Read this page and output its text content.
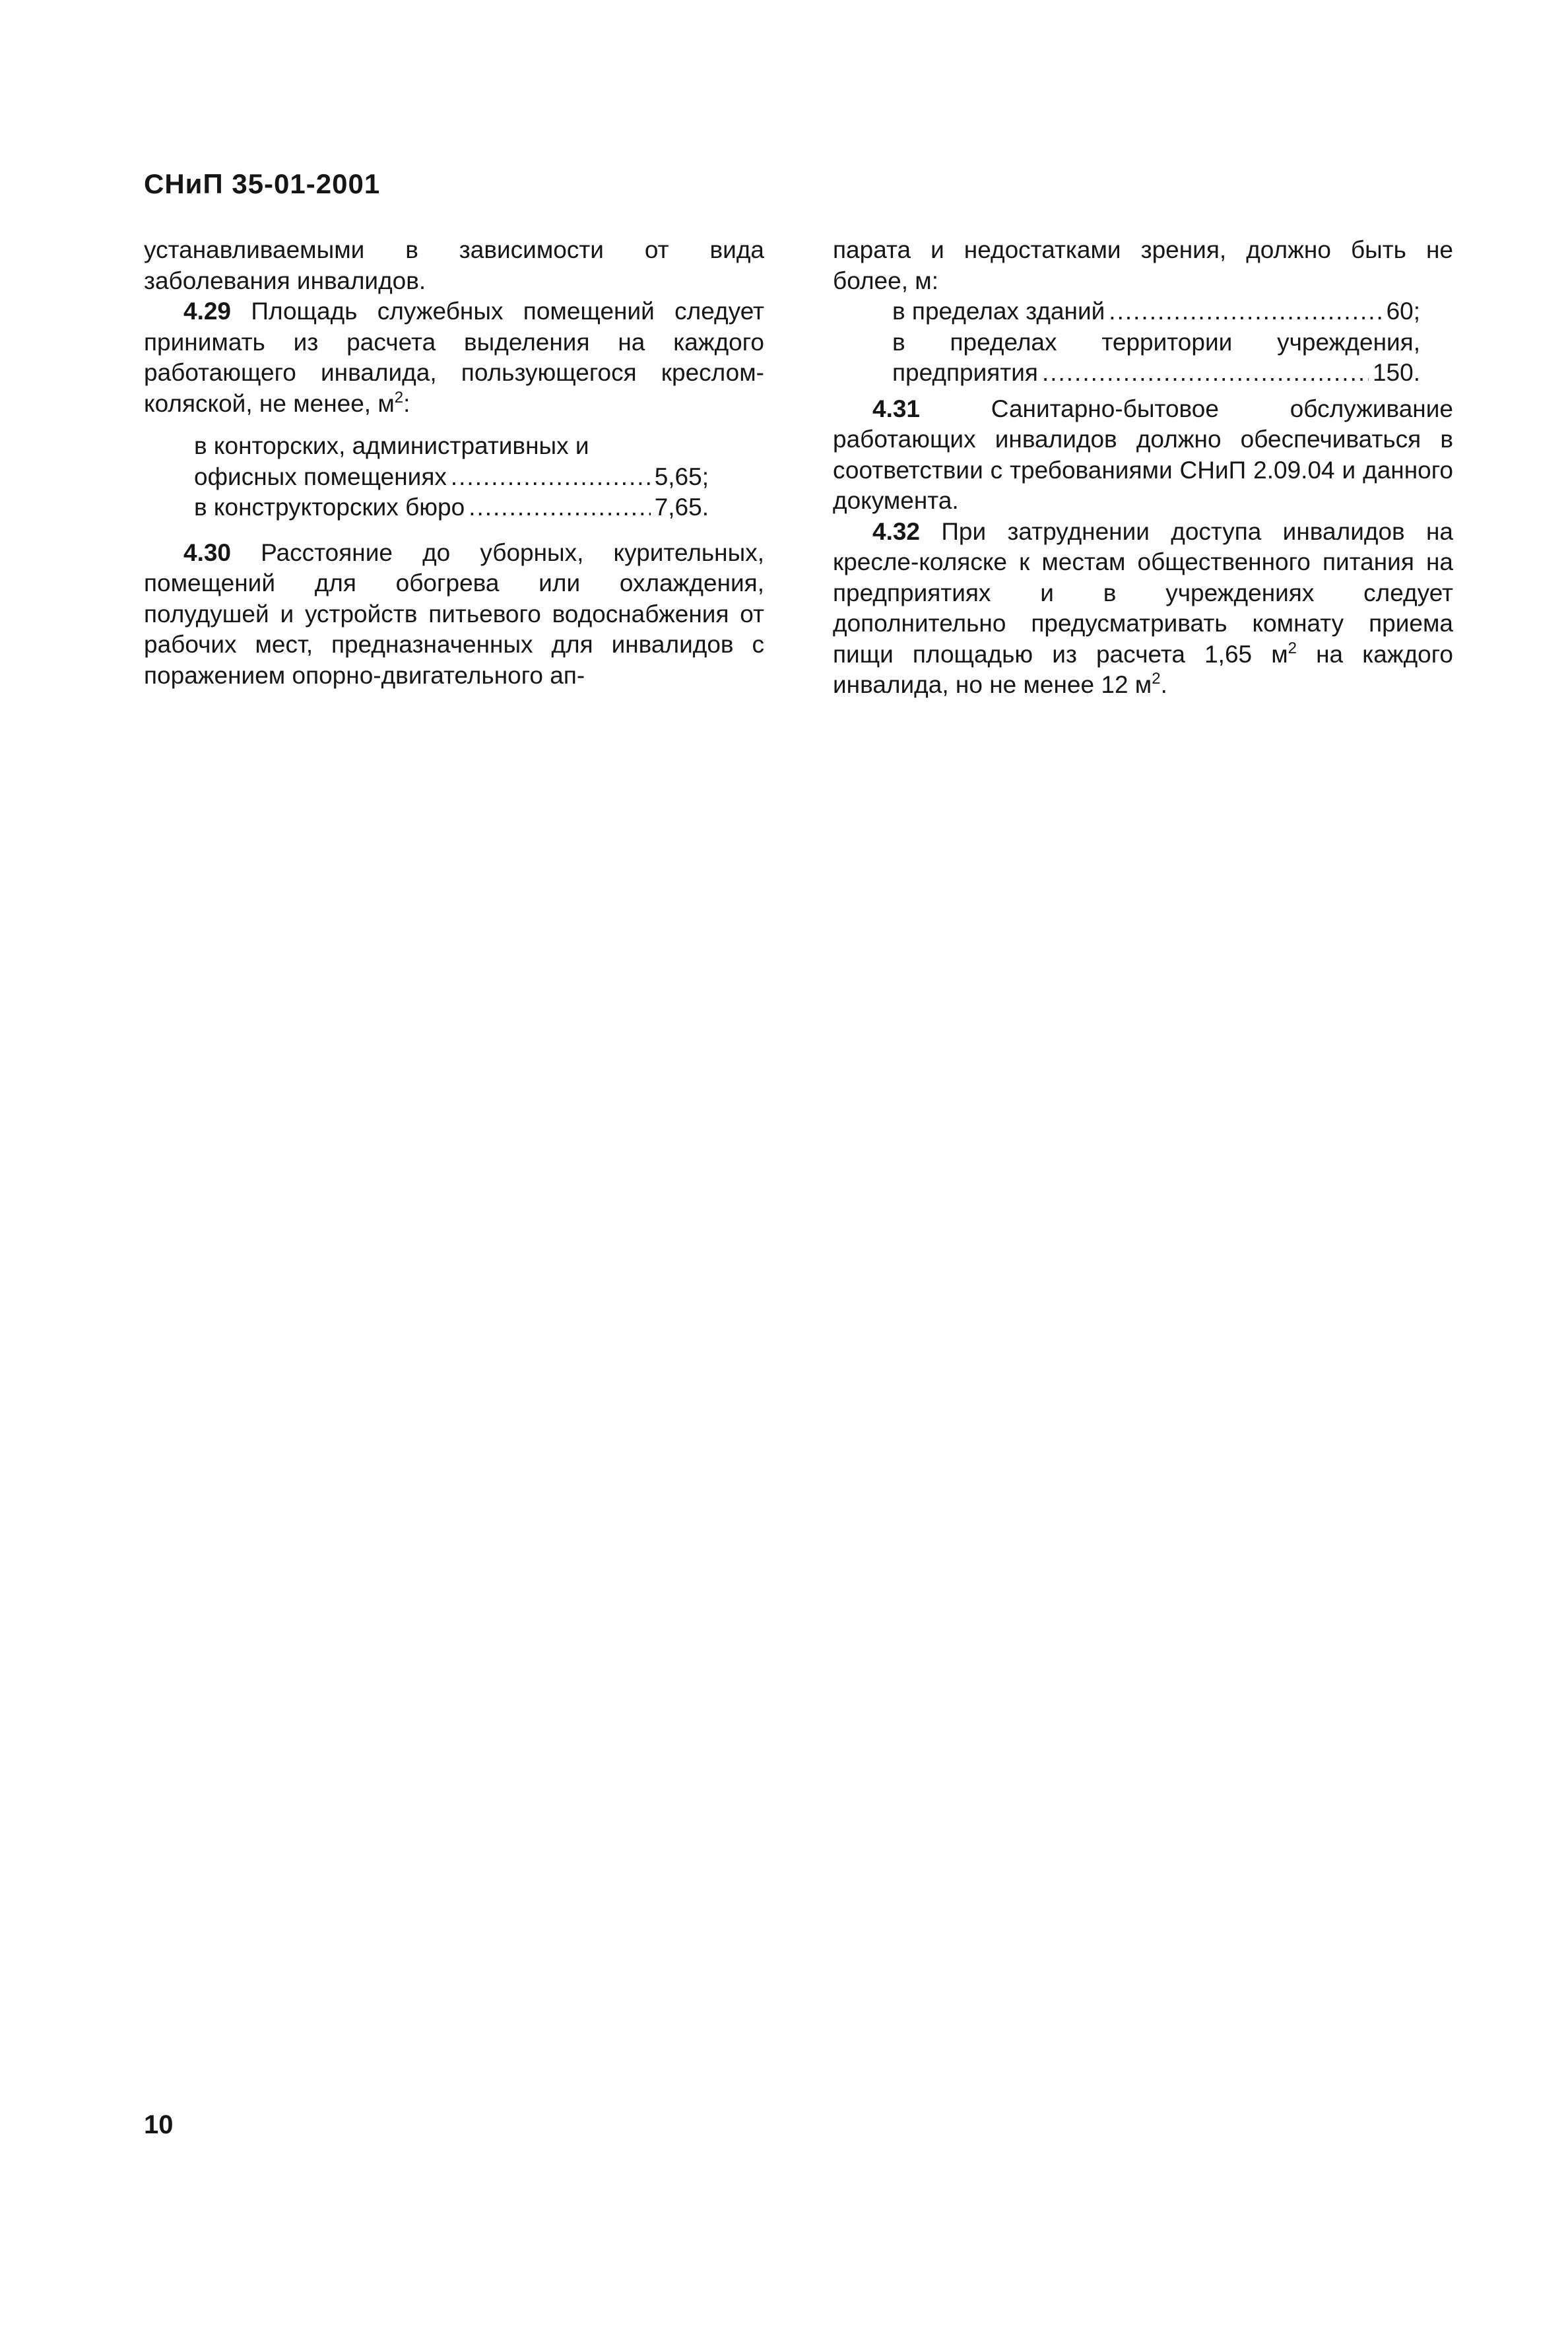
СНиП 35-01-2001

устанавливаемыми в зависимости от вида заболевания инвалидов.

4.29 Площадь служебных помещений следует принимать из расчета выделения на каждого работающего инвалида, пользующегося креслом-коляской, не менее, $м^2$:

в конторских, административных и
офисных помещениях .....	5,65;
в конструкторских бюро .....	7,65.

4.30 Расстояние до уборных, курительных, помещений для обогрева или охлаждения, полудушей и устройств питьевого водоснабжения от рабочих мест, предназначенных для инвалидов с поражением опорно-двигательного ап-

парата и недостатками зрения, должно быть не более, м:

в пределах зданий .....	60;
в пределах территории учреждения,
предприятия .....	150.

4.31 Санитарно-бытовое обслуживание работающих инвалидов должно обеспечиваться в соответствии с требованиями СНиП 2.09.04 и данного документа.

4.32 При затруднении доступа инвалидов на кресле-коляске к местам общественного питания на предприятиях и в учреждениях следует дополнительно предусматривать комнату приема пищи площадью из расчета 1,65 $м^2$ на каждого инвалида, но не менее 12 $м^2$.

10
